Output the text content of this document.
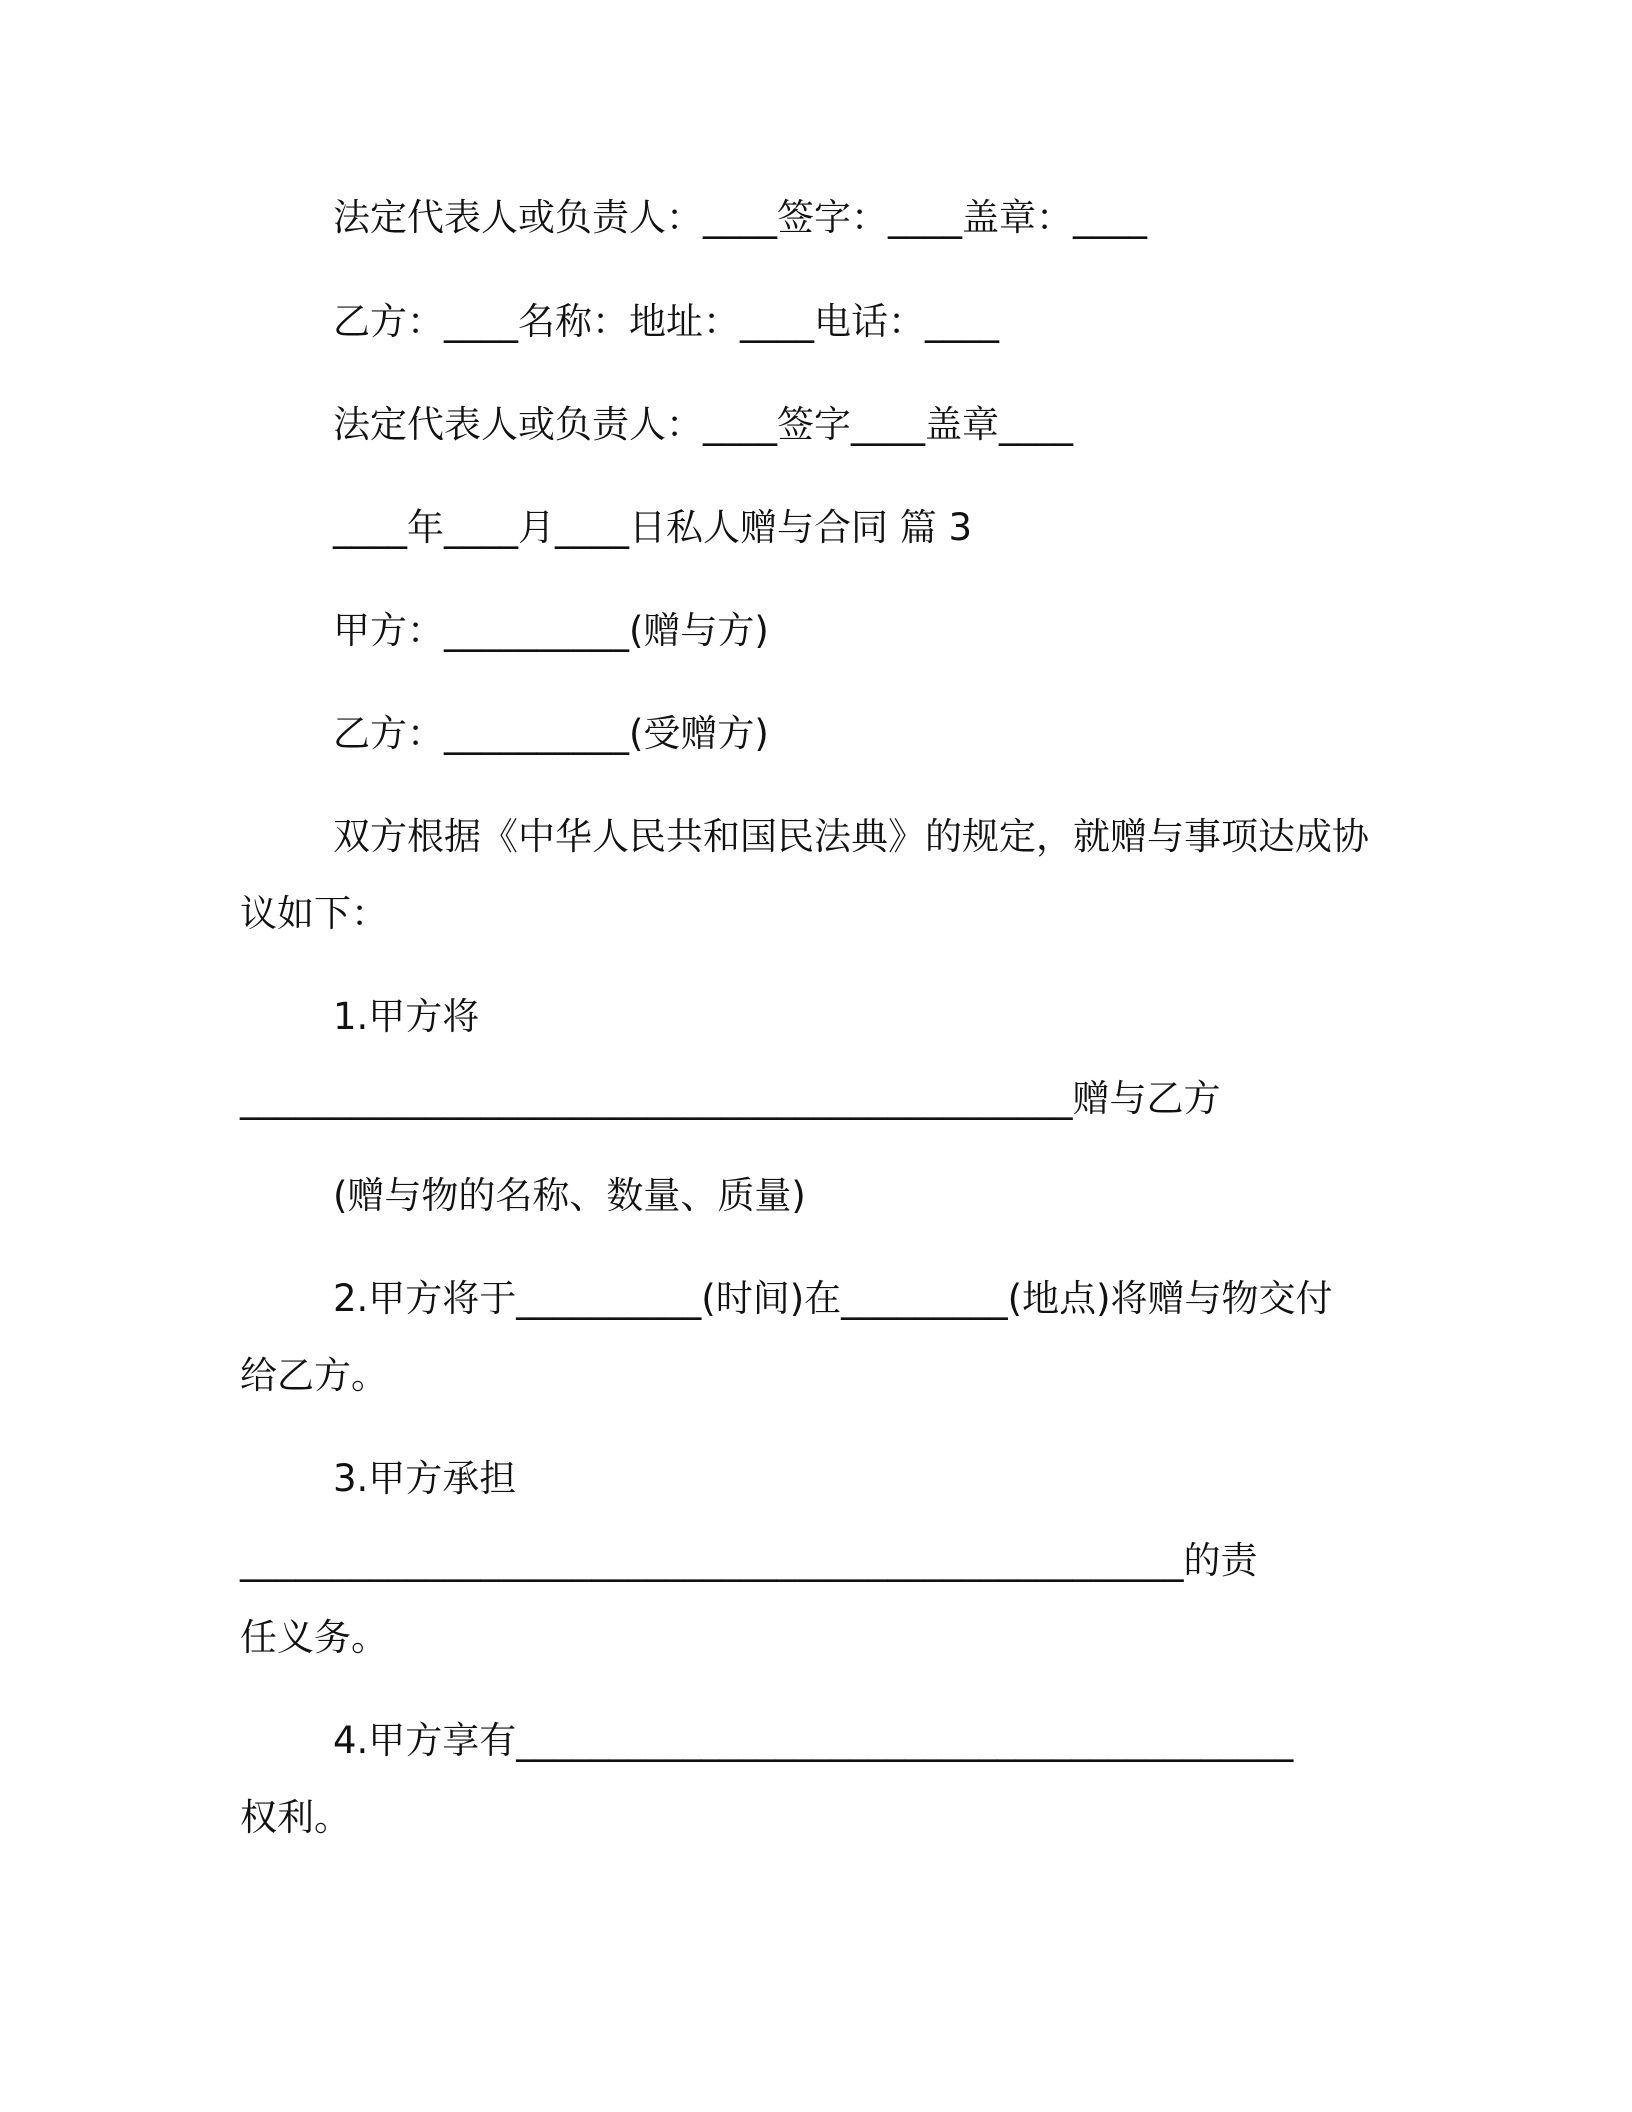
法定代表人或负责人：____签字：____盖章：____
乙方：____名称：地址：____电话：____
法定代表人或负责人：____签字____盖章____
____年____月____日私人赠与合同 篇 3
甲方：__________(赠与方)
乙方：__________(受赠方)
双方根据《中华人民共和国民法典》的规定，就赠与事项达成协
议如下：
1.甲方将
_____________________________________________赠与乙方
(赠与物的名称、数量、质量)
2.甲方将于__________(时间)在_________(地点)将赠与物交付
给乙方。
3.甲方承担
___________________________________________________的责
任义务。
4.甲方享有__________________________________________
权利。
